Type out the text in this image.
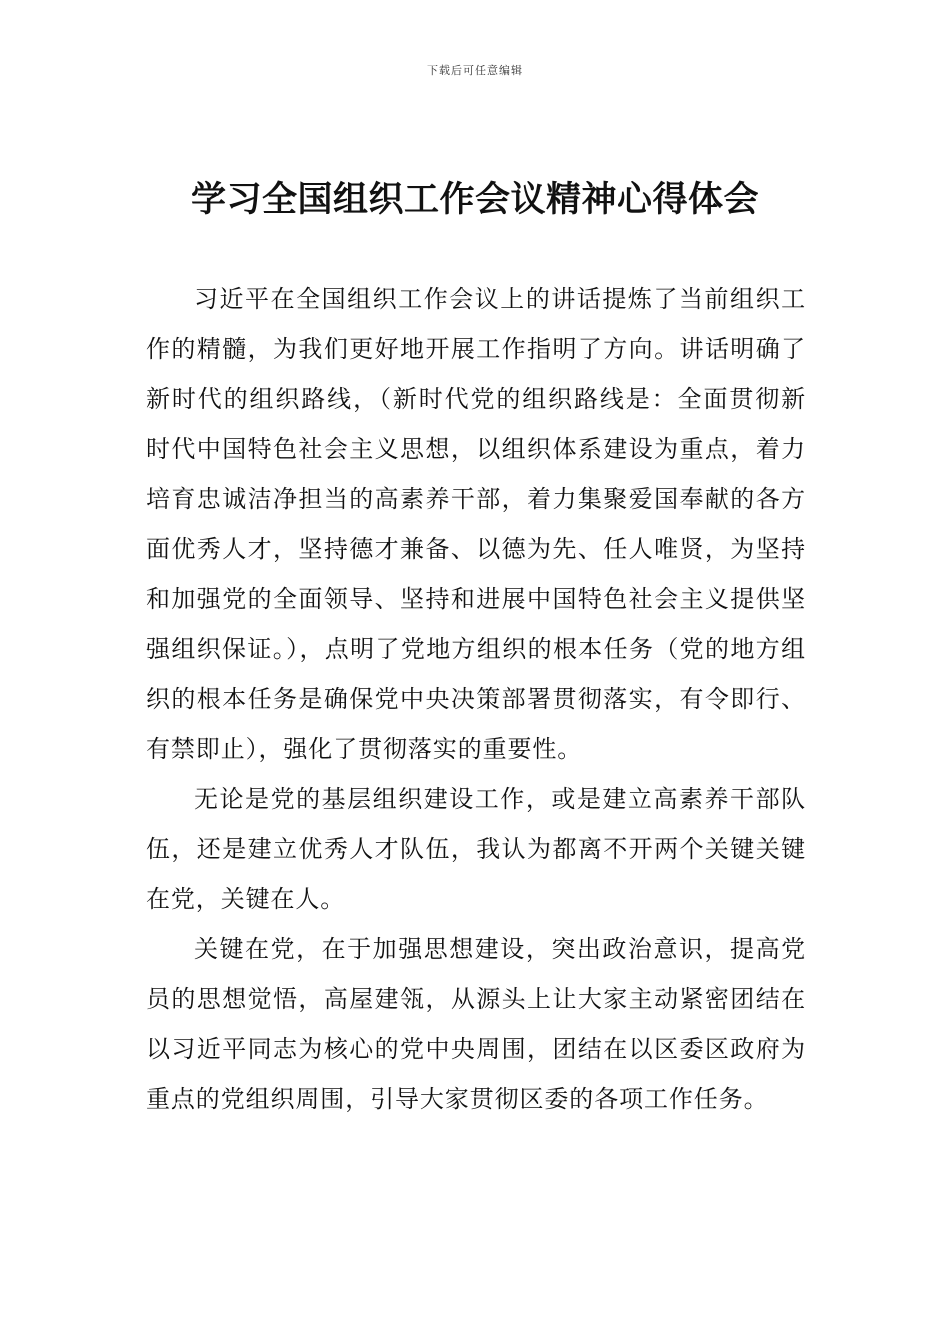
下载后可任意编辑
学习全国组织工作会议精神心得体会

习近平在全国组织工作会议上的讲话提炼了当前组织工作的精髓，为我们更好地开展工作指明了方向。讲话明确了新时代的组织路线，（新时代党的组织路线是：全面贯彻新时代中国特色社会主义思想，以组织体系建设为重点，着力培育忠诚洁净担当的高素养干部，着力集聚爱国奉献的各方面优秀人才，坚持德才兼备、以德为先、任人唯贤，为坚持和加强党的全面领导、坚持和进展中国特色社会主义提供坚强组织保证。），点明了党地方组织的根本任务（党的地方组织的根本任务是确保党中央决策部署贯彻落实，有令即行、有禁即止），强化了贯彻落实的重要性。

无论是党的基层组织建设工作，或是建立高素养干部队伍，还是建立优秀人才队伍，我认为都离不开两个关键关键在党，关键在人。

关键在党，在于加强思想建设，突出政治意识，提高党员的思想觉悟，高屋建瓴，从源头上让大家主动紧密团结在以习近平同志为核心的党中央周围，团结在以区委区政府为重点的党组织周围，引导大家贯彻区委的各项工作任务。
